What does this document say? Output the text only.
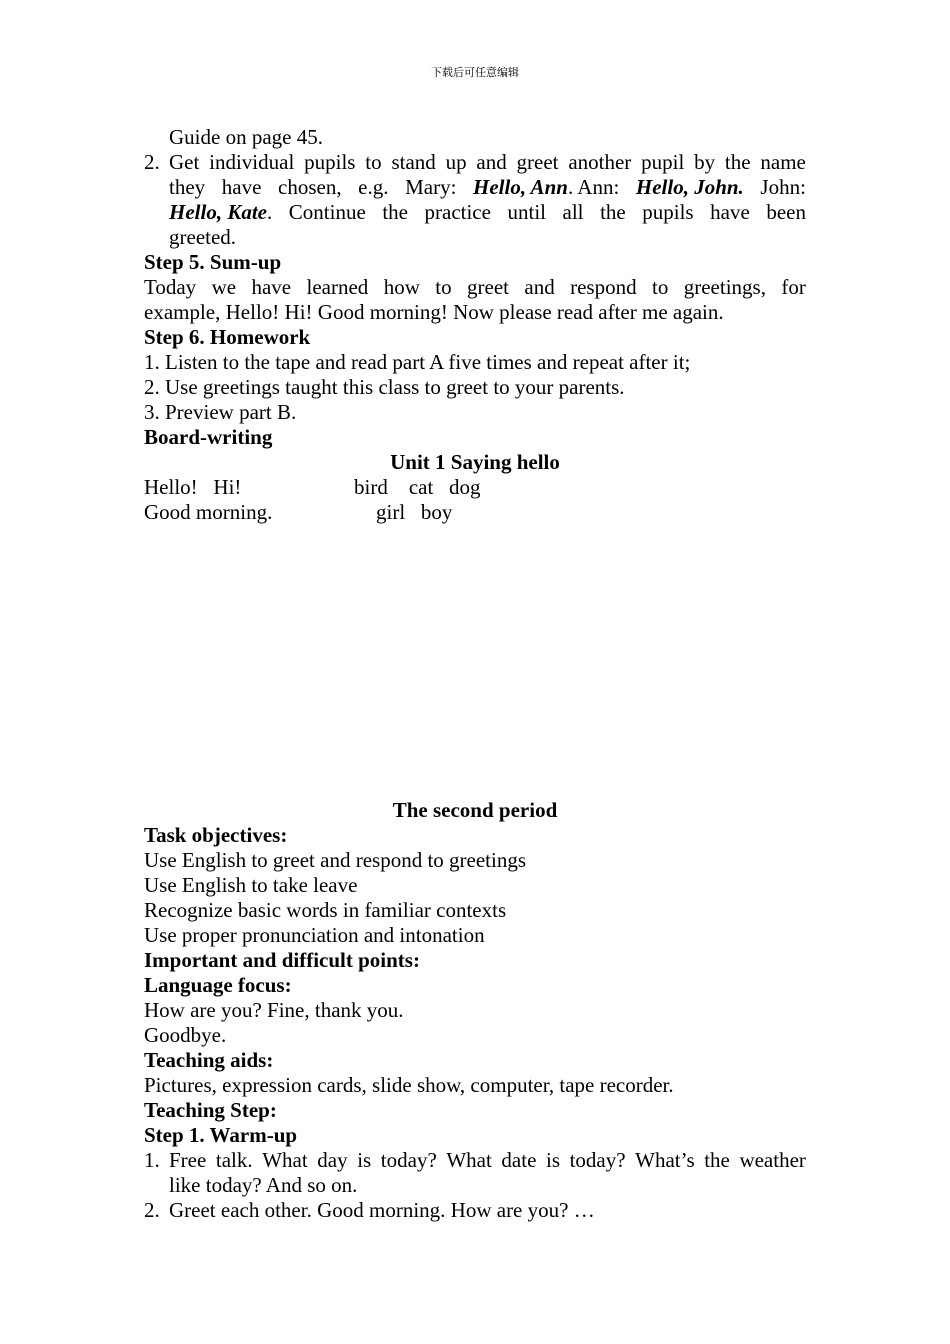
下载后可任意编辑
Guide on page 45.
2. Get individual pupils to stand up and greet another pupil by the name
they have chosen, e.g. Mary: Hello, Ann. Ann: Hello, John. John:
Hello, Kate. Continue the practice until all the pupils have been
greeted.
Step 5. Sum-up
Today we have learned how to greet and respond to greetings, for
example, Hello! Hi! Good morning! Now please read after me again.
Step 6. Homework
1. Listen to the tape and read part A five times and repeat after it;
2. Use greetings taught this class to greet to your parents.
3. Preview part B.
Board-writing
Unit 1 Saying hello

Hello!   Hi!

	bird    cat   dog

Good morning.

	girl   boy

The second period
Task objectives:
Use English to greet and respond to greetings
Use English to take leave
Recognize basic words in familiar contexts
Use proper pronunciation and intonation
Important and difficult points:
Language focus:
How are you? Fine, thank you.
Goodbye.
Teaching aids:
Pictures, expression cards, slide show, computer, tape recorder.
Teaching Step:
Step 1. Warm-up
1. Free talk. What day is today? What date is today? What’s the weather
like today? And so on.
2. Greet each other. Good morning. How are you? …
